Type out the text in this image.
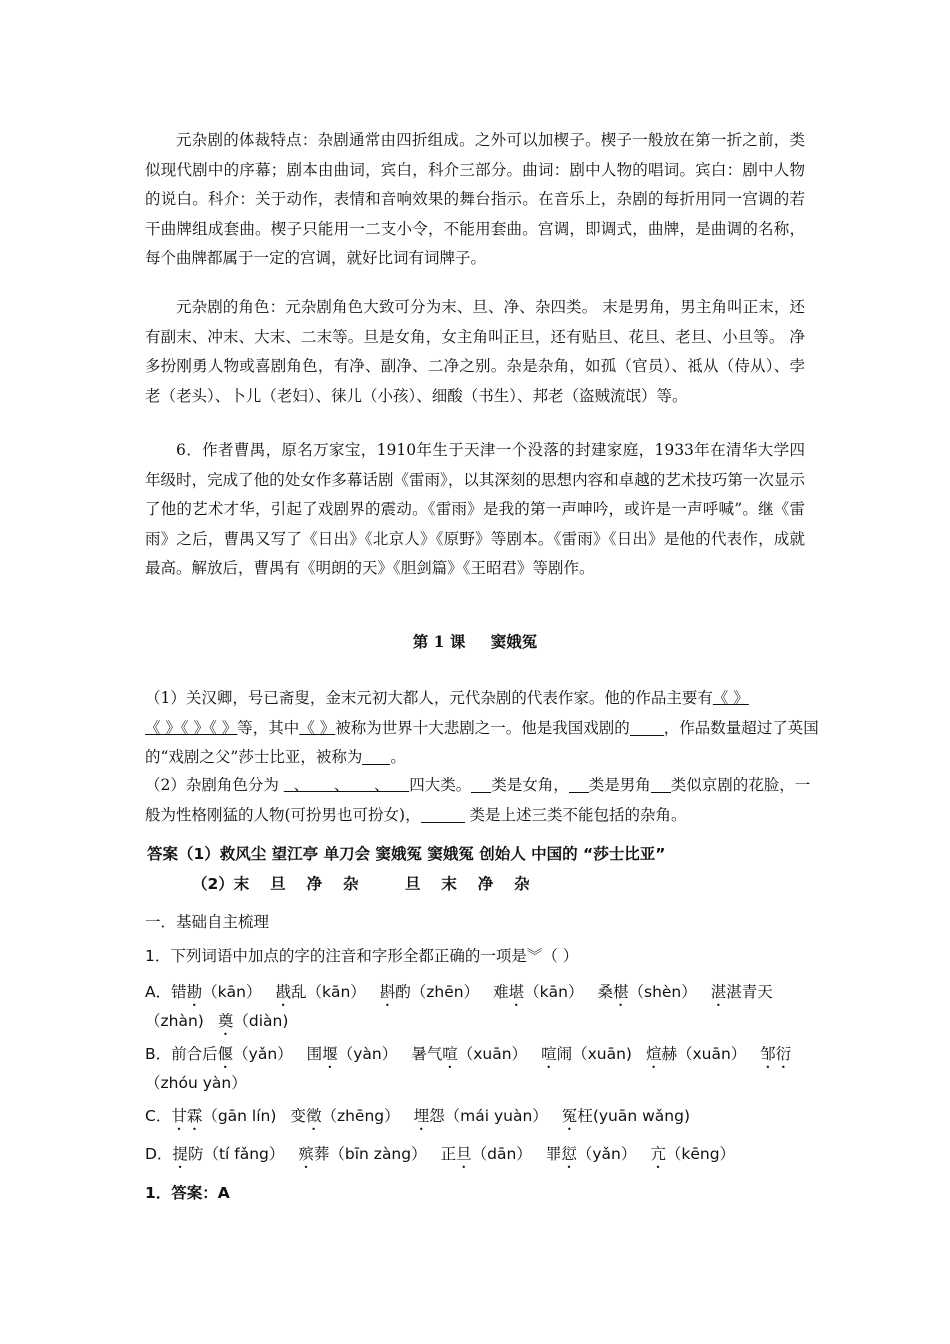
元杂剧的体裁特点：杂剧通常由四折组成。之外可以加楔子。楔子一般放在第一折之前，类似现代剧中的序幕；剧本由曲词，宾白，科介三部分。曲词：剧中人物的唱词。宾白：剧中人物的说白。科介：关于动作，表情和音响效果的舞台指示。在音乐上，杂剧的每折用同一宫调的若干曲牌组成套曲。楔子只能用一二支小令，不能用套曲。宫调，即调式，曲牌，是曲调的名称，每个曲牌都属于一定的宫调，就好比词有词牌子。

元杂剧的角色：元杂剧角色大致可分为末、旦、净、杂四类。 末是男角，男主角叫正末，还有副末、冲末、大末、二末等。旦是女角，女主角叫正旦，还有贴旦、花旦、老旦、小旦等。 净多扮刚勇人物或喜剧角色，有净、副净、二净之别。杂是杂角，如孤（官员）、祗从（侍从）、孛老（老头）、卜儿（老妇）、徕儿（小孩）、细酸（书生）、邦老（盗贼流氓）等。

6．作者曹禺，原名万家宝，1910年生于天津一个没落的封建家庭，1933年在清华大学四年级时，完成了他的处女作多幕话剧《雷雨》，以其深刻的思想内容和卓越的艺术技巧第一次显示了他的艺术才华，引起了戏剧界的震动。《雷雨》是我的第一声呻吟，或许是一声呼喊”。继《雷雨》之后，曹禺又写了《日出》《北京人》《原野》等剧本。《雷雨》《日出》是他的代表作，成就最高。解放后，曹禺有《明朗的天》《胆剑篇》《王昭君》等剧作。

第 1 课 窦娥冤

（1）关汉卿，号已斋叟，金末元初大都人，元代杂剧的代表作家。他的作品主要有《 》
《 》《 》《 》等，其中《 》被称为世界十大悲剧之一。他是我国戏剧的 ，作品数量超过了英国的“戏剧之父”莎士比亚，被称为 。

（2）杂剧角色分为 、 、 、 四大类。 类是女角， 类是男角 类似京剧的花脸，一般为性格刚猛的人物(可扮男也可扮女)，	类是上述三类不能包括的杂角。

答案（1）救风尘 望江亭 单刀会 窦娥冤 窦娥冤 创始人 中国的 “莎士比亚”
（2）末　 旦　 净　 杂　　　旦　 末　 净　 杂

一．基础自主梳理

1．下列词语中加点的字的注音和字形全都正确的一项是︾（ ）

A．错勘（kān） 戡乱（kān） 斟酌（zhēn） 难堪（kān） 桑椹（shèn） 湛湛青天（zhàn) 奠（diàn)

B．前合后偃（yǎn） 围堰（yàn） 暑气喧（xuān） 喧闹（xuān) 煊赫（xuān） 邹衍（zhóu yàn）

C．甘霖（gān lín) 变徵（zhēng） 埋怨（mái yuàn） 冤枉(yuān wǎng)

D．提防（tí fǎng） 殡葬（bīn zàng） 正旦（dān） 罪愆（yǎn） 亢（kēng）

1．答案：A
